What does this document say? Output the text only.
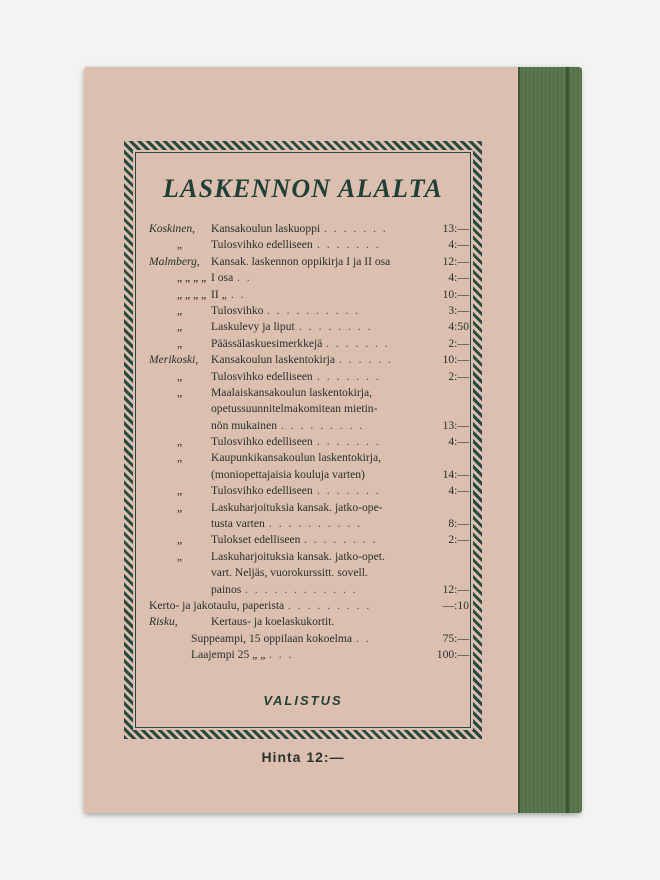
LASKENNON ALALTA
Koskinen, Kansakoulun laskuoppi . . . . . . .	13:—
„ Tulosvihko edelliseen . . . . . . .	4:—
Malmberg, Kansak. laskennon oppikirja I ja II osa	12:—
„ „ „ „ I osa . .	4:—
„ „ „ „ II „ . .	10:—
„ Tulosvihko . . . . . . . . . .	3:—
„ Laskulevy ja liput . . . . . . . .	4:50
„ Päässälaskuesimerkkejä . . . . . . .	2:—
Merikoski, Kansakoulun laskentokirja . . . . . .	10:—
„ Tulosvihko edelliseen . . . . . . .	2:—
„ Maalaiskansakoulun laskentokirja,
opetussuunnitelmakomitean mietin-
nön mukainen . . . . . . . . .	13:—
„ Tulosvihko edelliseen . . . . . . .	4:—
„ Kaupunkikansakoulun laskentokirja,
(moniopettajaisia kouluja varten)	14:—
„ Tulosvihko edelliseen . . . . . . .	4:—
„ Laskuharjoituksia kansak. jatko-ope-
tusta varten . . . . . . . . . .	8:—
„ Tulokset edelliseen . . . . . . . .	2:—
„ Laskuharjoituksia kansak. jatko-opet.
vart. Neljäs, vuorokurssitt. sovell.
painos . . . . . . . . . . . .	12:—
Kerto- ja jakotaulu, paperista . . . . . . . . .	—:10
Risku,	Kertaus- ja koelaskukortit.
Suppeampi, 15 oppilaan kokoelma . .	75:—
Laajempi 25 „ „ . . .	100:—
VALISTUS
Hinta 12:—
